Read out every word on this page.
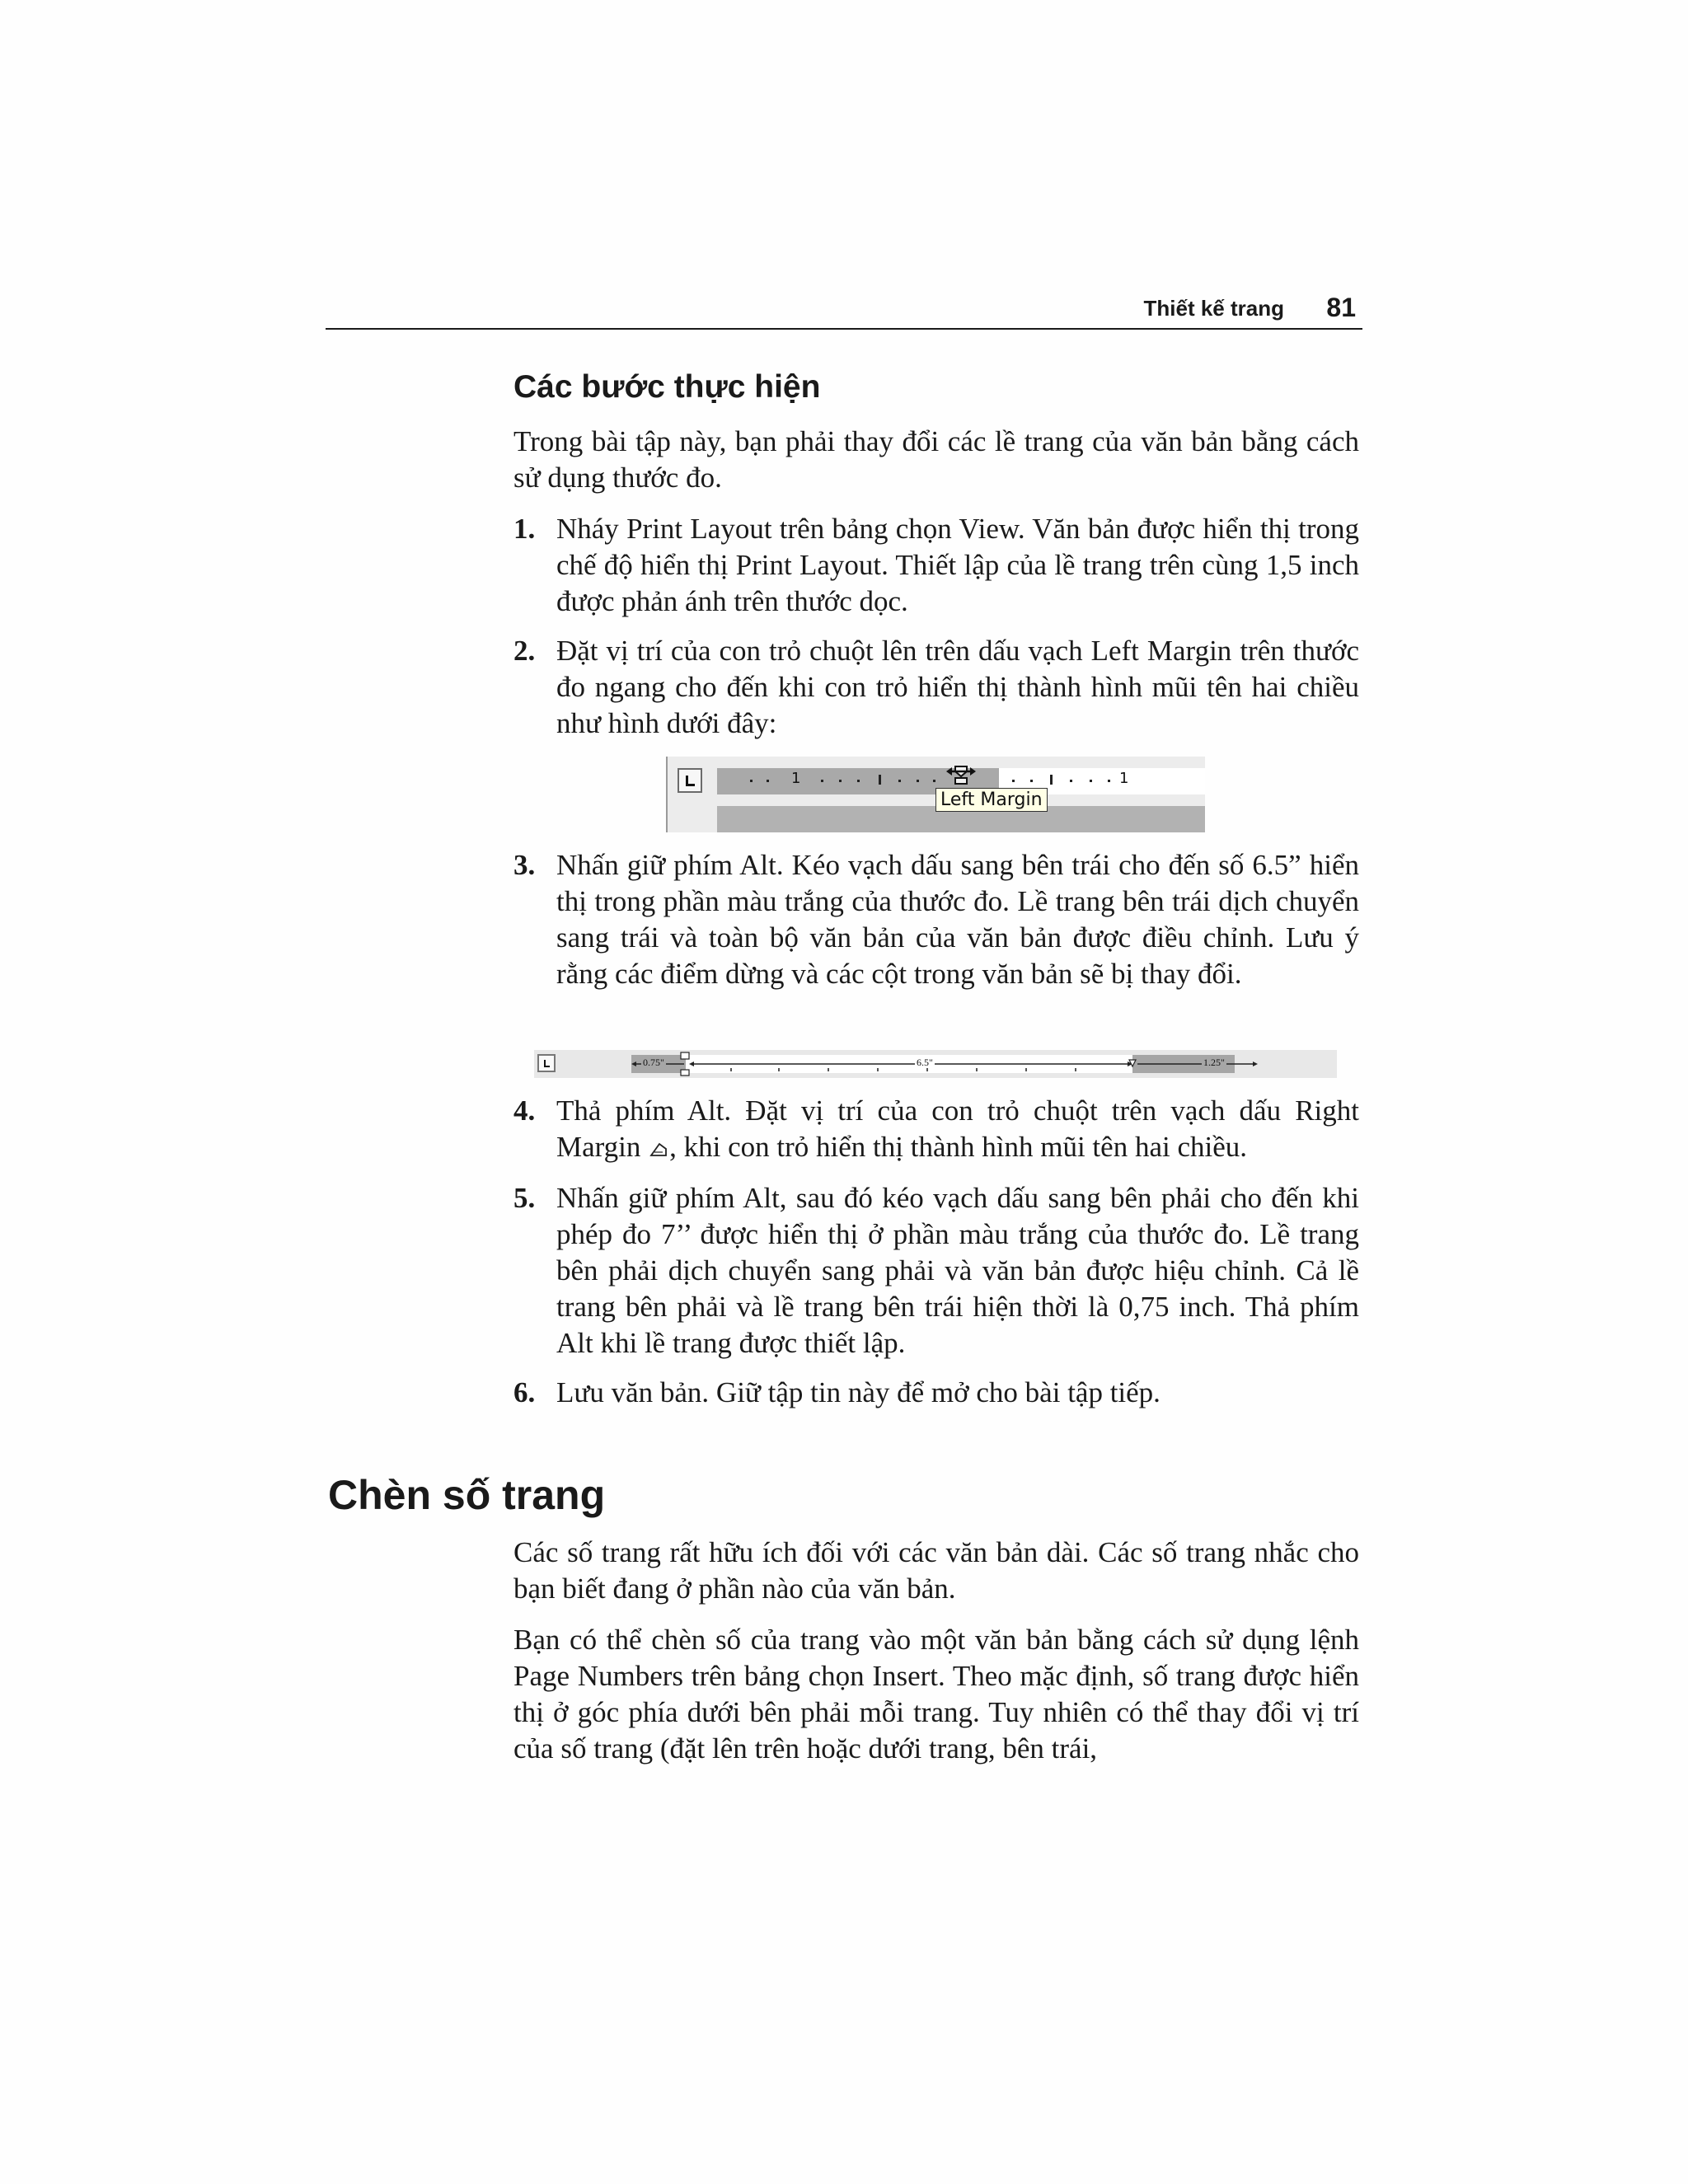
Thiết kế trang 81
Các bước thực hiện

Trong bài tập này, bạn phải thay đổi các lề trang của văn bản bằng cách sử dụng thước đo.

1. Nháy Print Layout trên bảng chọn View. Văn bản được hiển thị trong chế độ hiển thị Print Layout. Thiết lập của lề trang trên cùng 1,5 inch được phản ánh trên thước dọc.
2. Đặt vị trí của con trỏ chuột lên trên dấu vạch Left Margin trên thước đo ngang cho đến khi con trỏ hiển thị thành hình mũi tên hai chiều như hình dưới đây:
1	1
Left Margin
3. Nhấn giữ phím Alt. Kéo vạch dấu sang bên trái cho đến số 6.5” hiển thị trong phần màu trắng của thước đo. Lề trang bên trái dịch chuyển sang trái và toàn bộ văn bản của văn bản được điều chỉnh. Lưu ý rằng các điểm dừng và các cột trong văn bản sẽ bị thay đổi.
0.75"	6.5"	1.25"
4. Thả phím Alt. Đặt vị trí của con trỏ chuột trên vạch dấu Right Margin , khi con trỏ hiển thị thành hình mũi tên hai chiều.
5. Nhấn giữ phím Alt, sau đó kéo vạch dấu sang bên phải cho đến khi phép đo 7’’ được hiển thị ở phần màu trắng của thước đo. Lề trang bên phải dịch chuyển sang phải và văn bản được hiệu chỉnh. Cả lề trang bên phải và lề trang bên trái hiện thời là 0,75 inch. Thả phím Alt khi lề trang được thiết lập.
6. Lưu văn bản. Giữ tập tin này để mở cho bài tập tiếp.
Chèn số trang

Các số trang rất hữu ích đối với các văn bản dài. Các số trang nhắc cho bạn biết đang ở phần nào của văn bản.

Bạn có thể chèn số của trang vào một văn bản bằng cách sử dụng lệnh Page Numbers trên bảng chọn Insert. Theo mặc định, số trang được hiển thị ở góc phía dưới bên phải mỗi trang. Tuy nhiên có thể thay đổi vị trí của số trang (đặt lên trên hoặc dưới trang, bên trái,
